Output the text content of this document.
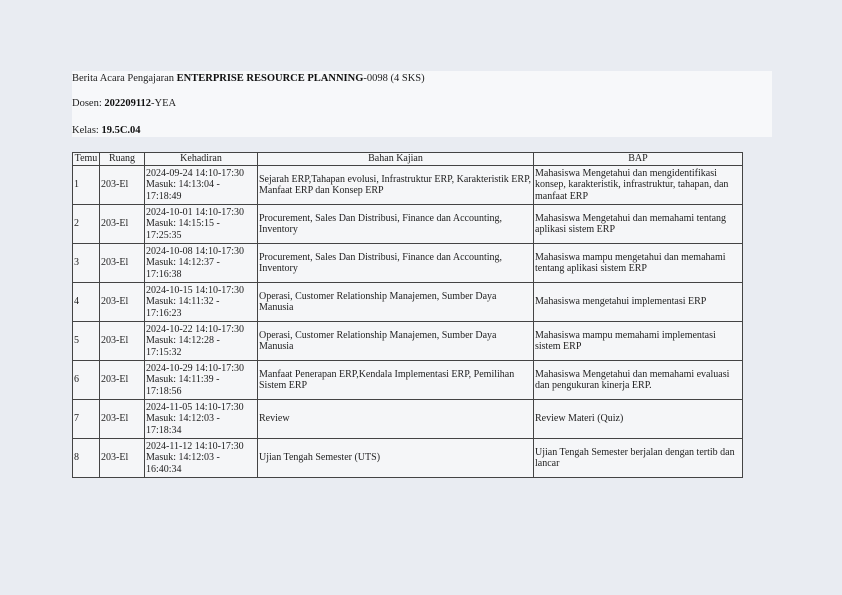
Berita Acara Pengajaran ENTERPRISE RESOURCE PLANNING-0098 (4 SKS)
Dosen: 202209112-YEA
Kelas: 19.5C.04
Temu	Ruang	Kehadiran	Bahan Kajian	BAP
1	203-El	2024-09-24 14:10-17:30
Masuk: 14:13:04 -
17:18:49	Sejarah ERP,Tahapan evolusi, Infrastruktur ERP, Karakteristik ERP, Manfaat ERP dan Konsep ERP	Mahasiswa Mengetahui dan mengidentifikasi konsep, karakteristik, infrastruktur, tahapan, dan manfaat ERP
2	203-El	2024-10-01 14:10-17:30
Masuk: 14:15:15 -
17:25:35	Procurement, Sales Dan Distribusi, Finance dan Accounting, Inventory	Mahasiswa Mengetahui dan memahami tentang aplikasi sistem ERP
3	203-El	2024-10-08 14:10-17:30
Masuk: 14:12:37 -
17:16:38	Procurement, Sales Dan Distribusi, Finance dan Accounting, Inventory	Mahasiswa mampu mengetahui dan memahami tentang aplikasi sistem ERP
4	203-El	2024-10-15 14:10-17:30
Masuk: 14:11:32 -
17:16:23	Operasi, Customer Relationship Manajemen, Sumber Daya Manusia	Mahasiswa mengetahui implementasi ERP
5	203-El	2024-10-22 14:10-17:30
Masuk: 14:12:28 -
17:15:32	Operasi, Customer Relationship Manajemen, Sumber Daya Manusia	Mahasiswa mampu memahami implementasi sistem ERP
6	203-El	2024-10-29 14:10-17:30
Masuk: 14:11:39 -
17:18:56	Manfaat Penerapan ERP,Kendala Implementasi ERP, Pemilihan Sistem ERP	Mahasiswa Mengetahui dan memahami evaluasi dan pengukuran kinerja ERP.
7	203-El	2024-11-05 14:10-17:30
Masuk: 14:12:03 -
17:18:34	Review	Review Materi (Quiz)
8	203-El	2024-11-12 14:10-17:30
Masuk: 14:12:03 -
16:40:34	Ujian Tengah Semester (UTS)	Ujian Tengah Semester berjalan dengan tertib dan lancar
